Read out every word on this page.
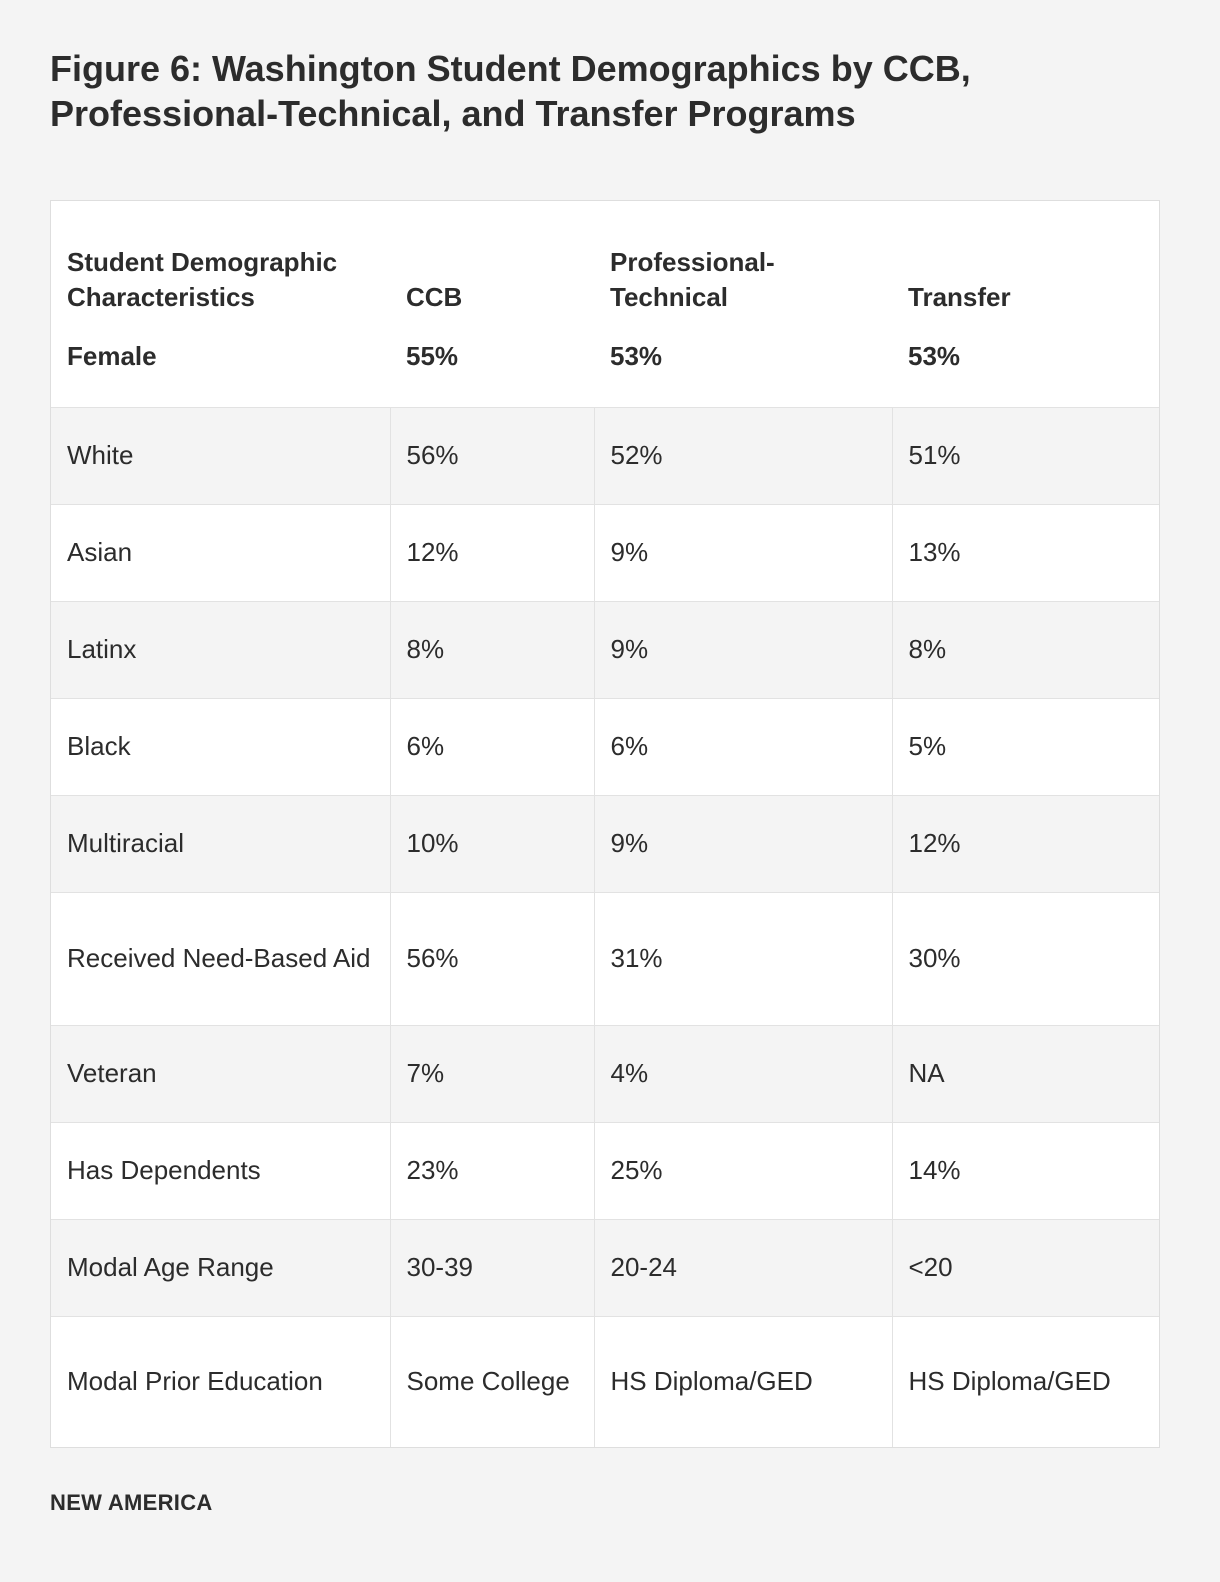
Figure 6: Washington Student Demographics by CCB, Professional-Technical, and Transfer Programs
Student Demographic Characteristics	CCB	Professional-Technical	Transfer
Female	55%	53%	53%
White	56%	52%	51%
Asian	12%	9%	13%
Latinx	8%	9%	8%
Black	6%	6%	5%
Multiracial	10%	9%	12%
Received Need-Based Aid	56%	31%	30%
Veteran	7%	4%	NA
Has Dependents	23%	25%	14%
Modal Age Range	30-39	20-24	<20
Modal Prior Education	Some College	HS Diploma/GED	HS Diploma/GED
NEW AMERICA
